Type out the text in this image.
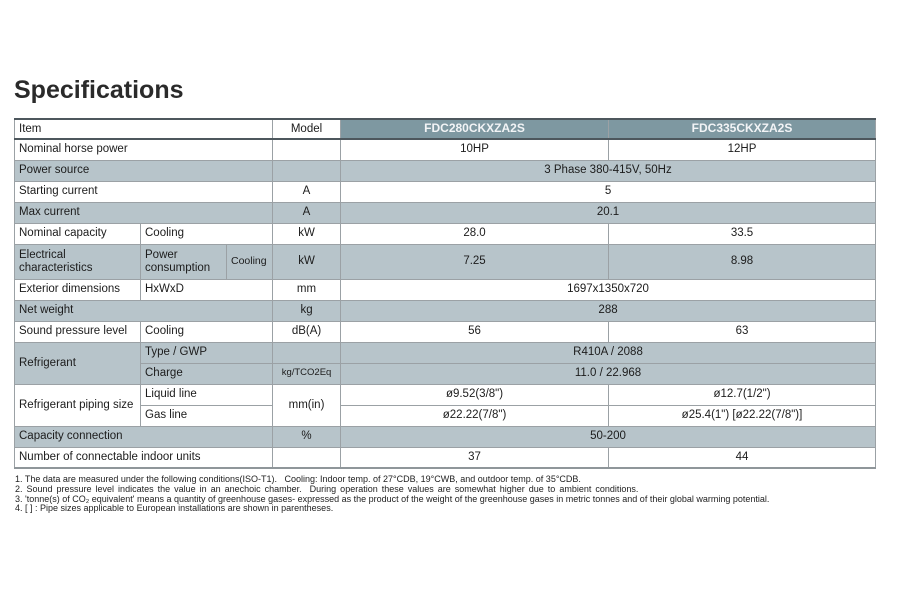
Specifications
Item			Model	FDC280CKXZA2S	FDC335CKXZA2S
Nominal horse power				10HP	12HP
Power source				3 Phase 380-415V, 50Hz	
Starting current			A	5	
Max current			A	20.1	
Nominal capacity	Cooling		kW	28.0	33.5
Electrical characteristics	Power consumption	Cooling	kW	7.25	8.98
Exterior dimensions	HxWxD		mm	1697x1350x720	
Net weight			kg	288	
Sound pressure level	Cooling		dB(A)	56	63
Refrigerant	Type / GWP			R410A / 2088	
	Charge		kg/TCO2Eq	11.0 / 22.968	
Refrigerant piping size	Liquid line		mm(in)	ø9.52(3/8")	ø12.7(1/2")
	Gas line			ø22.22(7/8")	ø25.4(1") [ø22.22(7/8")]
Capacity connection			%	50-200	
Number of connectable indoor units				37	44

1. The data are measured under the following conditions(ISO-T1).   Cooling: Indoor temp. of 27°CDB, 19°CWB, and outdoor temp. of 35°CDB.

2. Sound pressure level indicates the value in an anechoic chamber.  During operation these values are somewhat higher due to ambient conditions.

3. 'tonne(s) of CO₂ equivalent' means a quantity of greenhouse gases- expressed as the product of the weight of the greenhouse gases in metric tonnes and of their global warming potential.

4. [ ] : Pipe sizes applicable to European installations are shown in parentheses.
